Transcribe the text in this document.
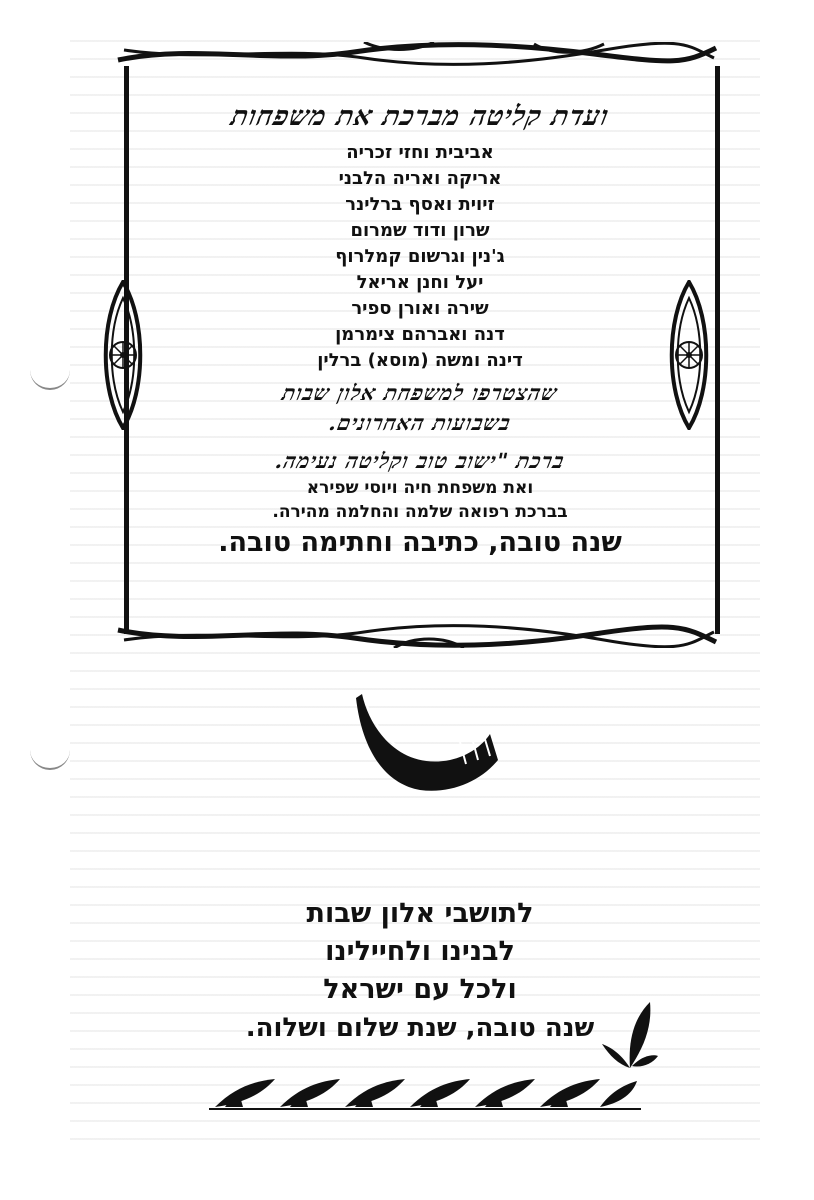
ועדת קליטה מברכת את משפחות
אביבית וחזי זכריה
אריקה ואריה הלבני
זיוית ואסף ברלינר
שרון ודוד שמרום
ג'נין וגרשום קמלרוף
יעל וחנן אריאל
שירה ואורן ספיר
דנה ואברהם צימרמן
דינה ומשה (מוסא) ברלין
שהצטרפו למשפחת אלון שבות
בשבועות האחרונים.
ברכת "ישוב טוב וקליטה נעימה.
ואת משפחת חיה ויוסי שפירא
בברכת רפואה שלמה והחלמה מהירה.
שנה טובה, כתיבה וחתימה טובה.
לתושבי אלון שבות
לבנינו ולחיילינו
ולכל עם ישראל
שנה טובה, שנת שלום ושלוה.
